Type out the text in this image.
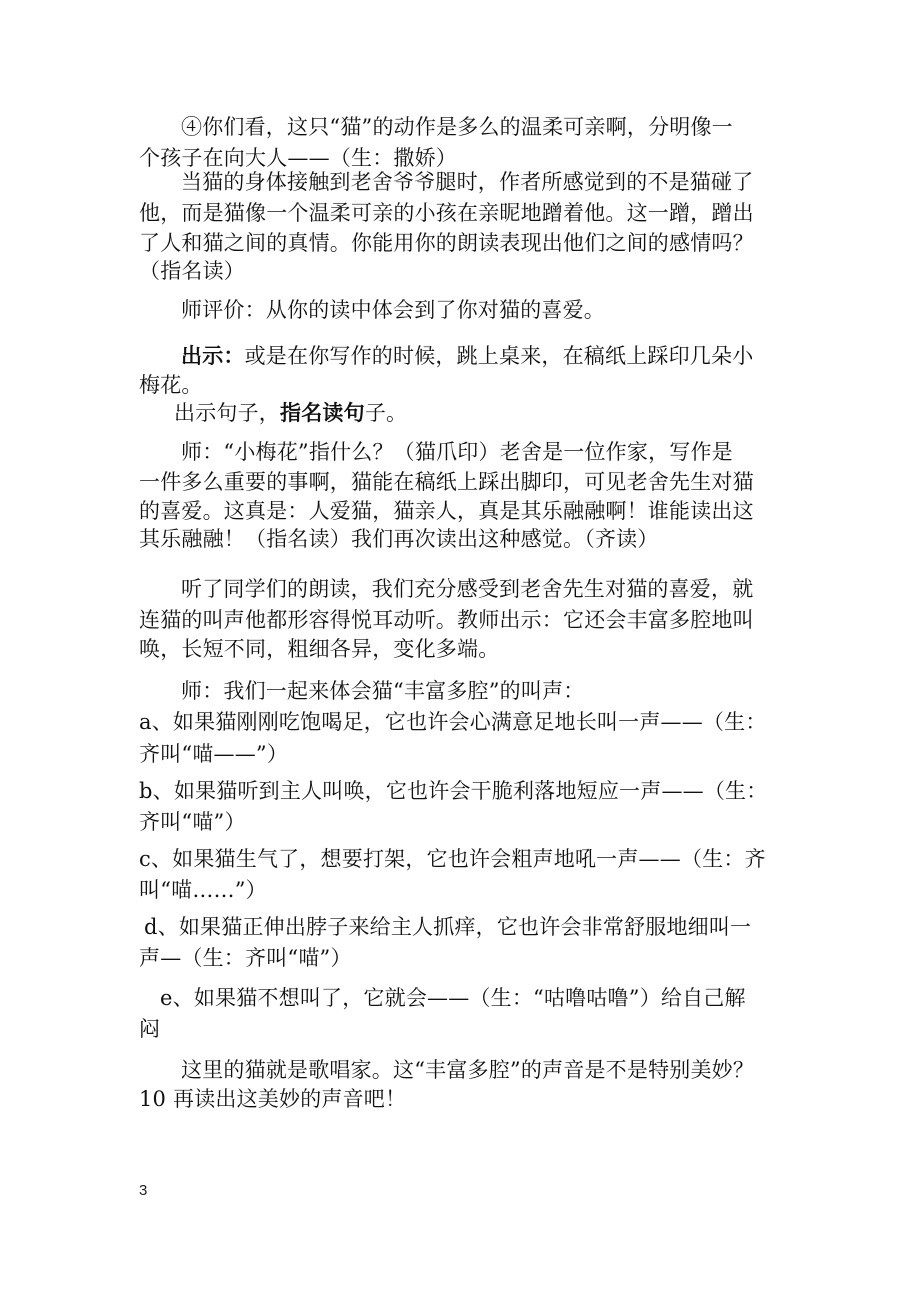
④你们看，这只“猫”的动作是多么的温柔可亲啊，分明像一
个孩子在向大人——（生：撒娇）
当猫的身体接触到老舍爷爷腿时，作者所感觉到的不是猫碰了
他，而是猫像一个温柔可亲的小孩在亲昵地蹭着他。这一蹭，蹭出
了人和猫之间的真情。你能用你的朗读表现出他们之间的感情吗？
（指名读）
师评价：从你的读中体会到了你对猫的喜爱。
出示：或是在你写作的时候，跳上桌来，在稿纸上踩印几朵小
梅花。
出示句子，指名读句子。
师：“小梅花”指什么？（猫爪印）老舍是一位作家，写作是
一件多么重要的事啊，猫能在稿纸上踩出脚印，可见老舍先生对猫
的喜爱。这真是：人爱猫，猫亲人，真是其乐融融啊！谁能读出这
其乐融融！（指名读）我们再次读出这种感觉。（齐读）
听了同学们的朗读，我们充分感受到老舍先生对猫的喜爱，就
连猫的叫声他都形容得悦耳动听。教师出示：它还会丰富多腔地叫
唤，长短不同，粗细各异，变化多端。
师：我们一起来体会猫“丰富多腔”的叫声：
a、如果猫刚刚吃饱喝足，它也许会心满意足地长叫一声——（生：
齐叫“喵——”）
b、如果猫听到主人叫唤，它也许会干脆利落地短应一声——（生：
齐叫“喵”）
c、如果猫生气了，想要打架，它也许会粗声地吼一声——（生：齐
叫“喵……”）
d、如果猫正伸出脖子来给主人抓痒，它也许会非常舒服地细叫一
声—（生：齐叫“喵”）
e、如果猫不想叫了，它就会——（生：“咕噜咕噜”）给自己解
闷
这里的猫就是歌唱家。这“丰富多腔”的声音是不是特别美妙？
10 再读出这美妙的声音吧！
3
